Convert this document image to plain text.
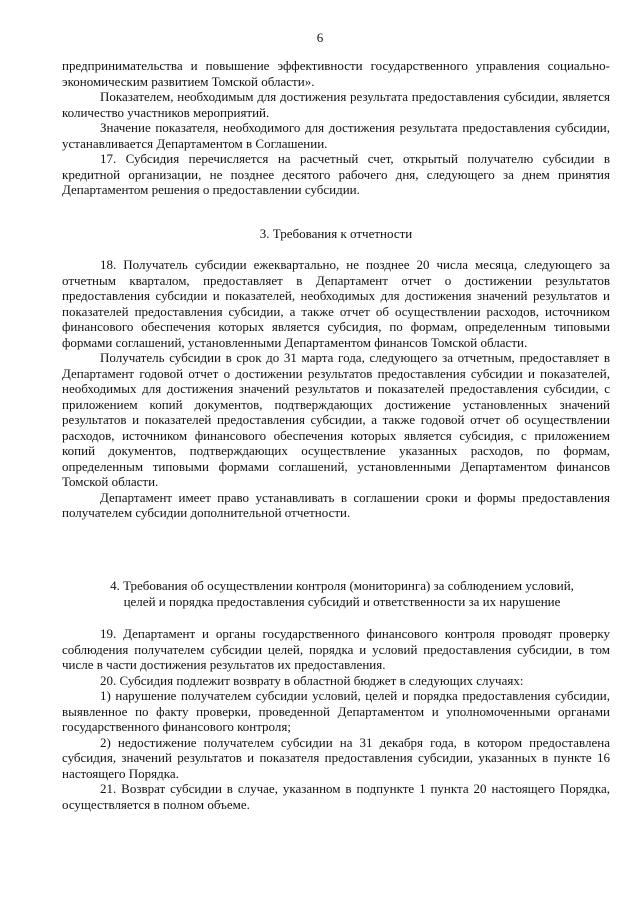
6

предпринимательства и повышение эффективности государственного управления социально-экономическим развитием Томской области».

Показателем, необходимым для достижения результата предоставления субсидии, является количество участников мероприятий.

Значение показателя, необходимого для достижения результата предоставления субсидии, устанавливается Департаментом в Соглашении.

17. Субсидия перечисляется на расчетный счет, открытый получателю субсидии в кредитной организации, не позднее десятого рабочего дня, следующего за днем принятия Департаментом решения о предоставлении субсидии.

3. Требования к отчетности

18. Получатель субсидии ежеквартально, не позднее 20 числа месяца, следующего за отчетным кварталом, предоставляет в Департамент отчет о достижении результатов предоставления субсидии и показателей, необходимых для достижения значений результатов и показателей предоставления субсидии, а также отчет об осуществлении расходов, источником финансового обеспечения которых является субсидия, по формам, определенным типовыми формами соглашений, установленными Департаментом финансов Томской области.

Получатель субсидии в срок до 31 марта года, следующего за отчетным, предоставляет в Департамент годовой отчет о достижении результатов предоставления субсидии и показателей, необходимых для достижения значений результатов и показателей предоставления субсидии, с приложением копий документов, подтверждающих достижение установленных значений результатов и показателей предоставления субсидии, а также годовой отчет об осуществлении расходов, источником финансового обеспечения которых является субсидия, с приложением копий документов, подтверждающих осуществление указанных расходов, по формам, определенным типовыми формами соглашений, установленными Департаментом финансов Томской области.

Департамент имеет право устанавливать в соглашении сроки и формы предоставления получателем субсидии дополнительной отчетности.

4. Требования об осуществлении контроля (мониторинга) за соблюдением условий, целей и порядка предоставления субсидий и ответственности за их нарушение

19. Департамент и органы государственного финансового контроля проводят проверку соблюдения получателем субсидии целей, порядка и условий предоставления субсидии, в том числе в части достижения результатов их предоставления.

20. Субсидия подлежит возврату в областной бюджет в следующих случаях:

1) нарушение получателем субсидии условий, целей и порядка предоставления субсидии, выявленное по факту проверки, проведенной Департаментом и уполномоченными органами государственного финансового контроля;

2) недостижение получателем субсидии на 31 декабря года, в котором предоставлена субсидия, значений результатов и показателя предоставления субсидии, указанных в пункте 16 настоящего Порядка.

21. Возврат субсидии в случае, указанном в подпункте 1 пункта 20 настоящего Порядка, осуществляется в полном объеме.
